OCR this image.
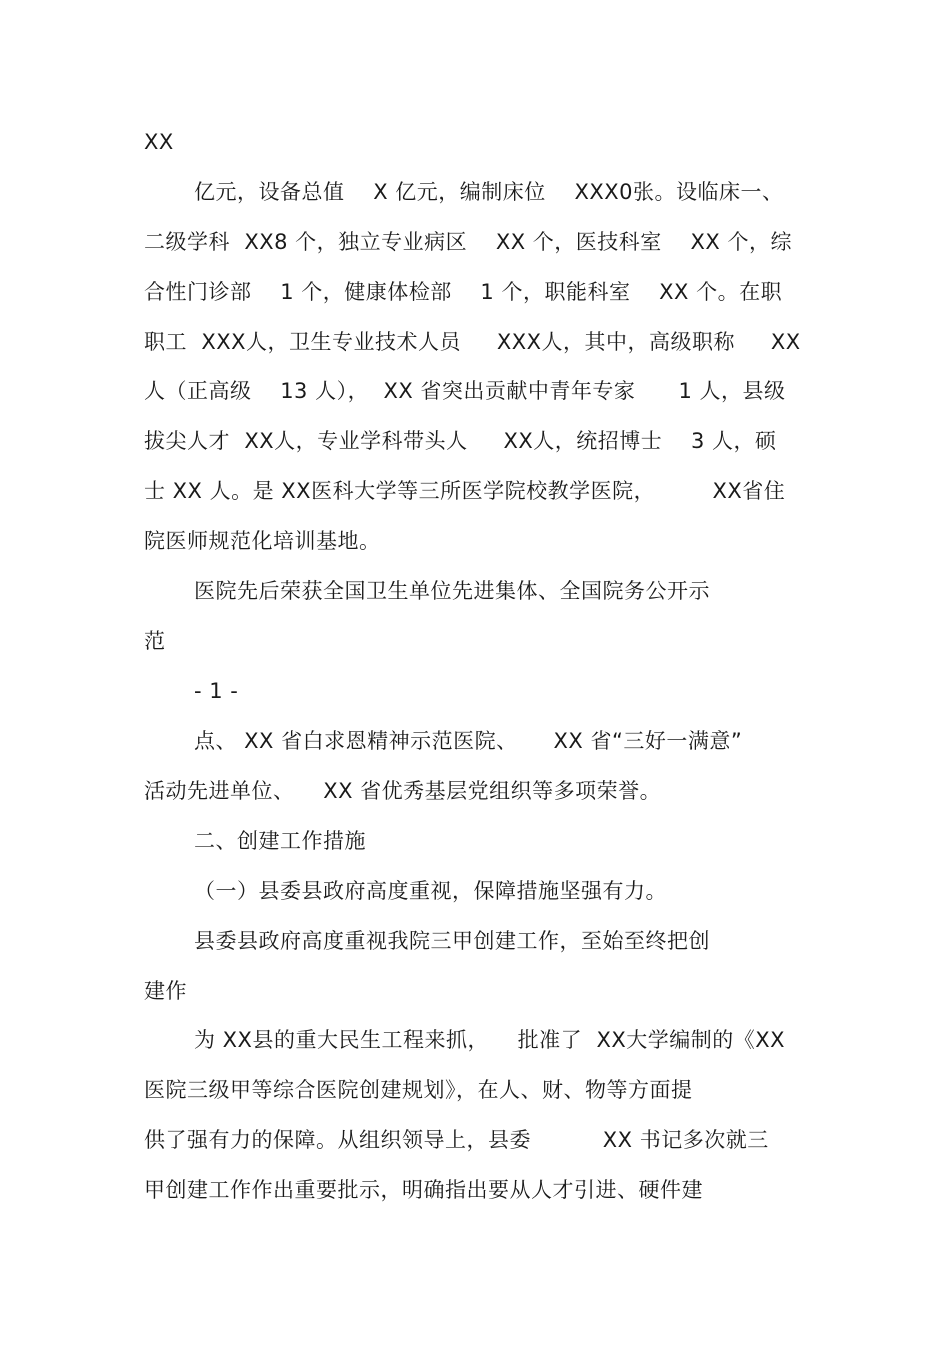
XX
亿元，设备总值    X 亿元，编制床位    XXX0张。设临床一、
二级学科  XX8 个，独立专业病区    XX 个，医技科室    XX 个，综
合性门诊部    1 个，健康体检部    1 个，职能科室    XX 个。在职
职工  XXX人，卫生专业技术人员     XXX人，其中，高级职称     XX
人（正高级    13 人），  XX 省突出贡献中青年专家      1 人，县级
拔尖人才  XX人，专业学科带头人     XX人，统招博士    3 人，硕
士 XX 人。是 XX医科大学等三所医学院校教学医院，        XX省住
院医师规范化培训基地。
医院先后荣获全国卫生单位先进集体、全国院务公开示
范
- 1 -
点、 XX 省白求恩精神示范医院、     XX 省“三好一满意”
活动先进单位、    XX 省优秀基层党组织等多项荣誉。
二、创建工作措施
（一）县委县政府高度重视，保障措施坚强有力。
县委县政府高度重视我院三甲创建工作，至始至终把创
建作
为 XX县的重大民生工程来抓，    批准了  XX大学编制的《XX
医院三级甲等综合医院创建规划》，在人、财、物等方面提
供了强有力的保障。从组织领导上，县委          XX 书记多次就三
甲创建工作作出重要批示，明确指出要从人才引进、硬件建
